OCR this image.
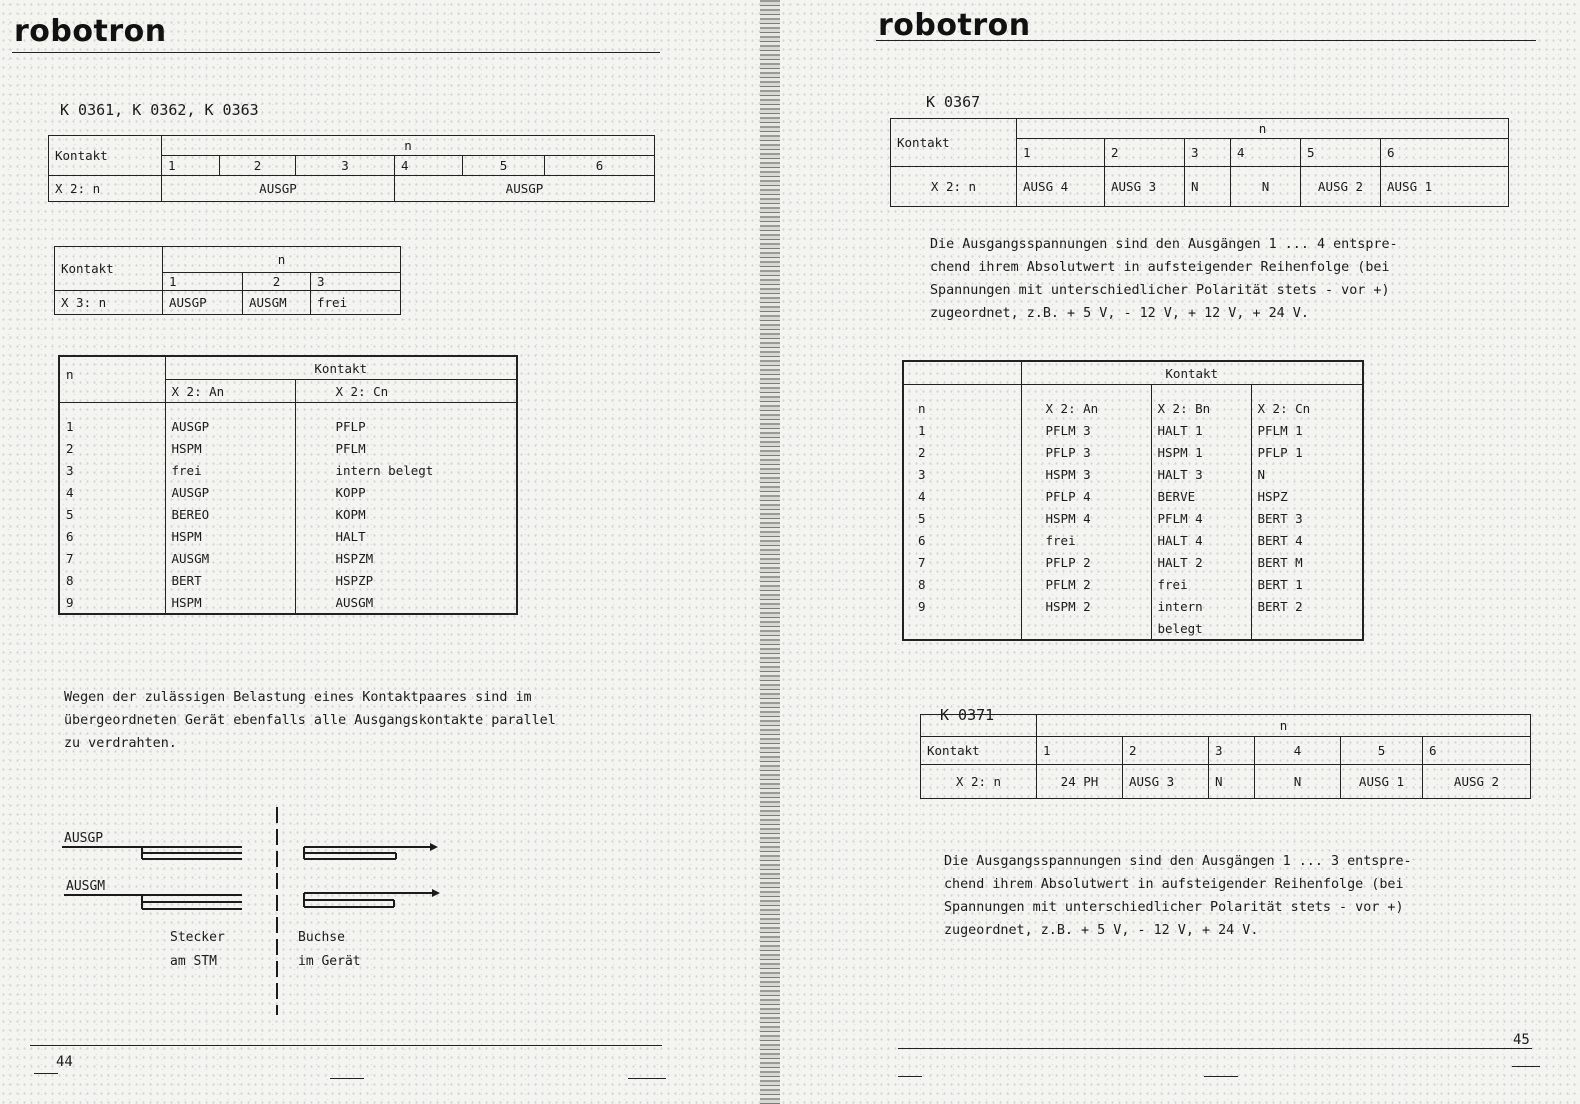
robotron
K 0361, K 0362, K 0363
Kontakt	n					
	1	2	3	4	5	6
X 2: n	AUSGP			AUSGP		
Kontakt	n		
	1	2	3
X 3: n	AUSGP	AUSGM	frei
n	Kontakt	
	X 2: An	X 2: Cn
1	AUSGP	PFLP
2	HSPM	PFLM
3	frei	intern belegt
4	AUSGP	KOPP
5	BEREO	KOPM
6	HSPM	HALT
7	AUSGM	HSPZM
8	BERT	HSPZP
9	HSPM	AUSGM
Wegen der zulässigen Belastung eines Kontaktpaares sind im
übergeordneten Gerät ebenfalls alle Ausgangskontakte parallel
zu verdrahten.
AUSGP
AUSGM
Stecker
am STM
Buchse
im Gerät
44
robotron
K 0367
Kontakt	n					
	1	2	3	4	5	6
X 2: n	AUSG 4	AUSG 3	N	N	AUSG 2	AUSG 1
Die Ausgangsspannungen sind den Ausgängen 1 ... 4 entspre-
chend ihrem Absolutwert in aufsteigender Reihenfolge (bei
Spannungen mit unterschiedlicher Polarität stets - vor +)
zugeordnet, z.B. + 5 V, - 12 V, + 12 V, + 24 V.
	Kontakt		
n	X 2: An	X 2: Bn	X 2: Cn
1	PFLM 3	HALT 1	PFLM 1
2	PFLP 3	HSPM 1	PFLP 1
3	HSPM 3	HALT 3	N
4	PFLP 4	BERVE	HSPZ
5	HSPM 4	PFLM 4	BERT 3
6	frei	HALT 4	BERT 4
7	PFLP 2	HALT 2	BERT M
8	PFLM 2	frei	BERT 1
9	HSPM 2	intern	BERT 2
		belegt	
K 0371
	n					
Kontakt	1	2	3	4	5	6
X 2: n	24 PH	AUSG 3	N	N	AUSG 1	AUSG 2
Die Ausgangsspannungen sind den Ausgängen 1 ... 3 entspre-
chend ihrem Absolutwert in aufsteigender Reihenfolge (bei
Spannungen mit unterschiedlicher Polarität stets - vor +)
zugeordnet, z.B. + 5 V, - 12 V, + 24 V.
45
